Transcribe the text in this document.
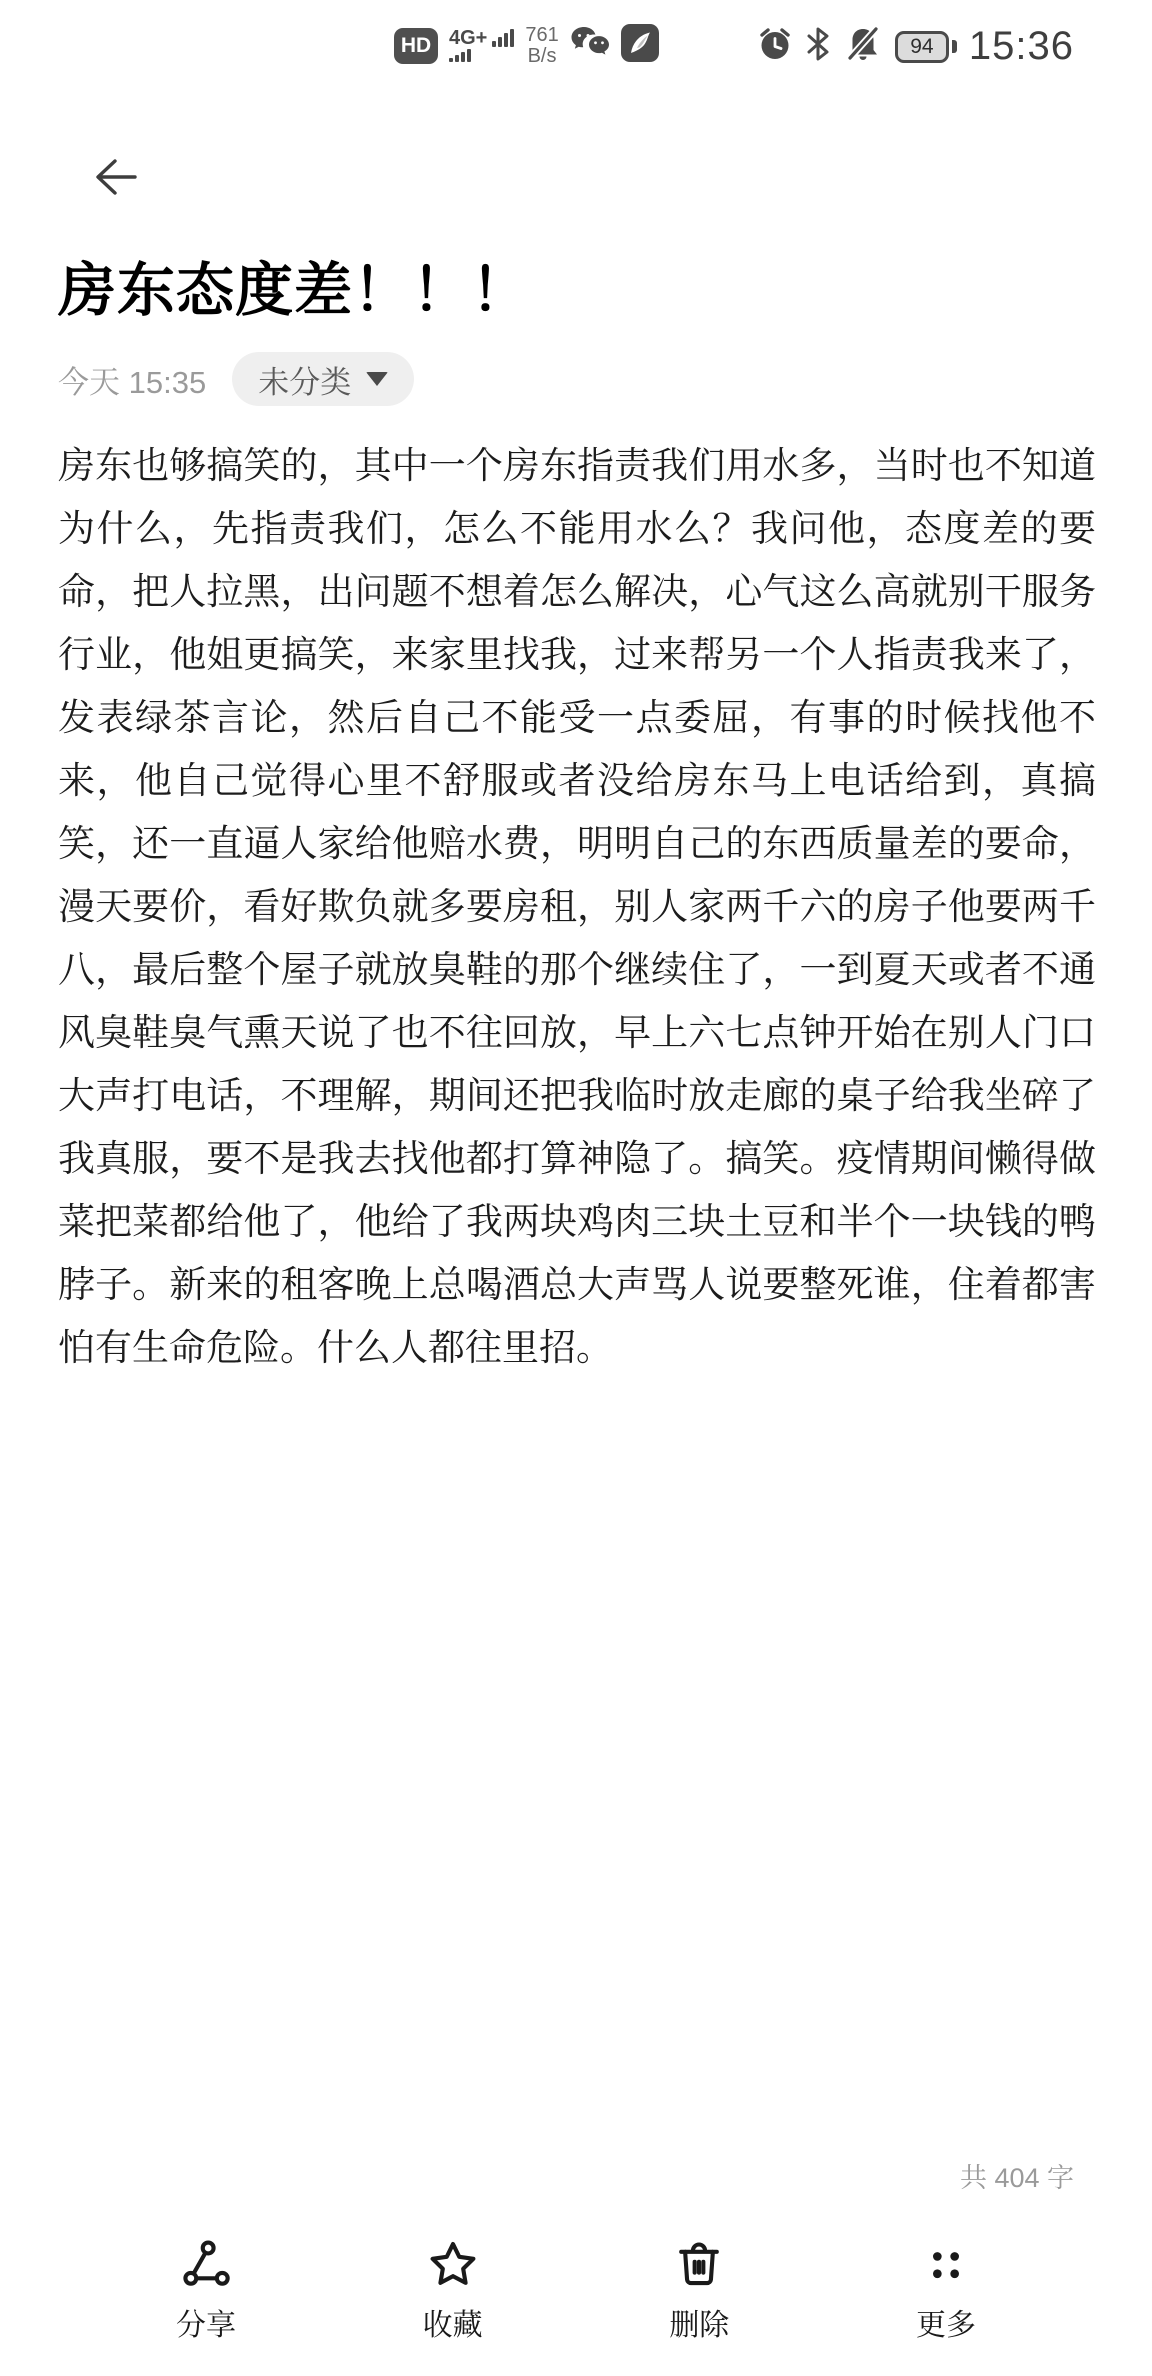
HD 4G+ 761
B/s	94 15:36
房东态度差！！！
今天 15:35 未分类
房东也够搞笑的，其中一个房东指责我们用水多，当时也不知道为什么，先指责我们，怎么不能用水么？我问他，态度差的要命，把人拉黑，出问题不想着怎么解决，心气这么高就别干服务行业，他姐更搞笑，来家里找我，过来帮另一个人指责我来了，发表绿茶言论，然后自己不能受一点委屈，有事的时候找他不来，他自己觉得心里不舒服或者没给房东马上电话给到，真搞笑，还一直逼人家给他赔水费，明明自己的东西质量差的要命，漫天要价，看好欺负就多要房租，别人家两千六的房子他要两千八，最后整个屋子就放臭鞋的那个继续住了，一到夏天或者不通风臭鞋臭气熏天说了也不往回放，早上六七点钟开始在别人门口大声打电话，不理解，期间还把我临时放走廊的桌子给我坐碎了我真服，要不是我去找他都打算神隐了。搞笑。疫情期间懒得做菜把菜都给他了，他给了我两块鸡肉三块土豆和半个一块钱的鸭脖子。新来的租客晚上总喝酒总大声骂人说要整死谁，住着都害怕有生命危险。什么人都往里招。
共 404 字
分享	收藏	删除	更多
